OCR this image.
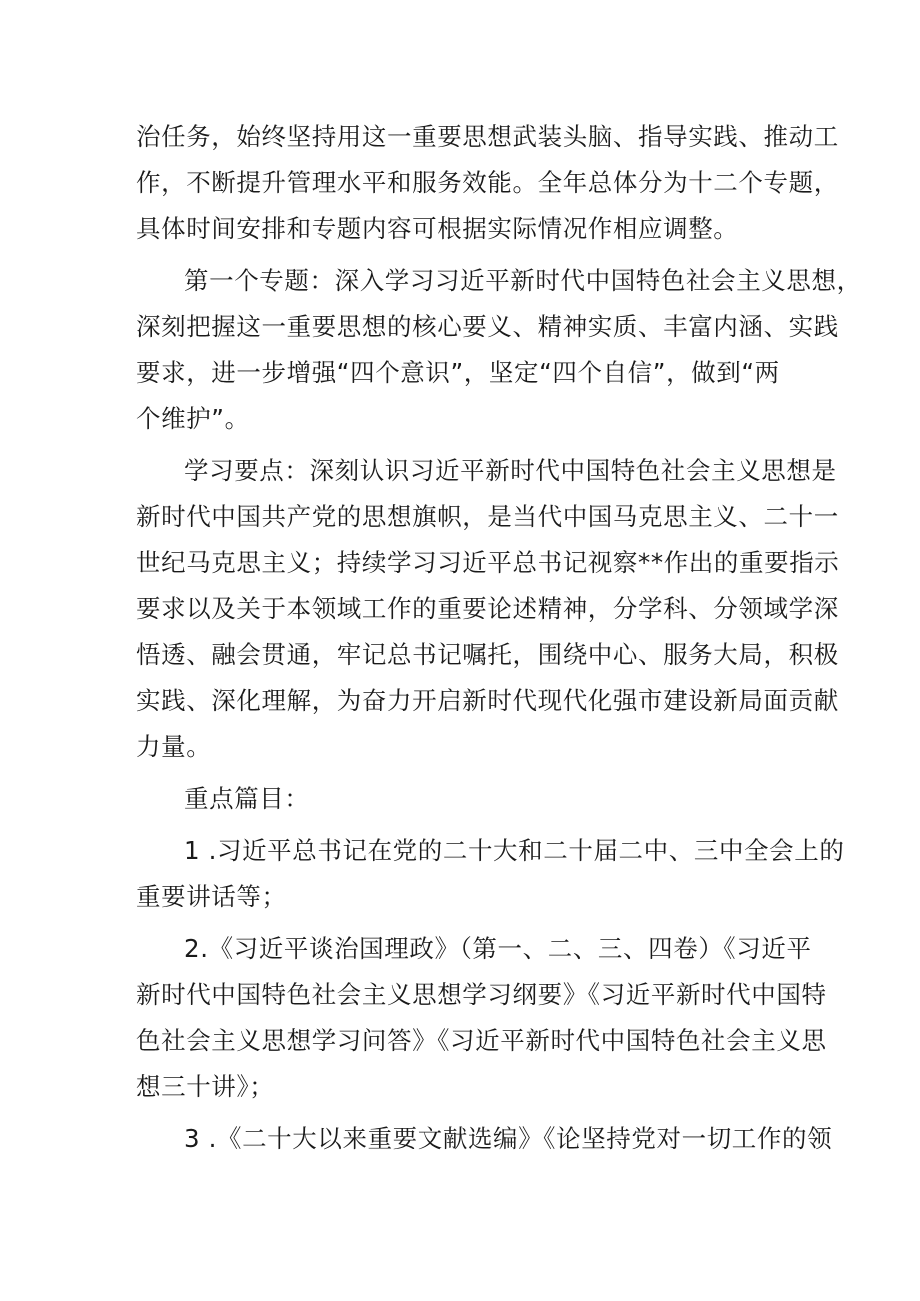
治任务，始终坚持用这一重要思想武装头脑、指导实践、推动工
作，不断提升管理水平和服务效能。全年总体分为十二个专题，
具体时间安排和专题内容可根据实际情况作相应调整。
第一个专题：深入学习习近平新时代中国特色社会主义思想，
深刻把握这一重要思想的核心要义、精神实质、丰富内涵、实践
要求，进一步增强“四个意识”，坚定“四个自信”，做到“两
个维护”。
学习要点：深刻认识习近平新时代中国特色社会主义思想是
新时代中国共产党的思想旗帜，是当代中国马克思主义、二十一
世纪马克思主义；持续学习习近平总书记视察**作出的重要指示
要求以及关于本领域工作的重要论述精神，分学科、分领域学深
悟透、融会贯通，牢记总书记嘱托，围绕中心、服务大局，积极
实践、深化理解，为奋力开启新时代现代化强市建设新局面贡献
力量。
重点篇目：
1 .习近平总书记在党的二十大和二十届二中、三中全会上的
重要讲话等；
2.《习近平谈治国理政》（第一、二、三、四卷）《习近平
新时代中国特色社会主义思想学习纲要》《习近平新时代中国特
色社会主义思想学习问答》《习近平新时代中国特色社会主义思
想三十讲》；
3 .《二十大以来重要文献选编》《论坚持党对一切工作的领
